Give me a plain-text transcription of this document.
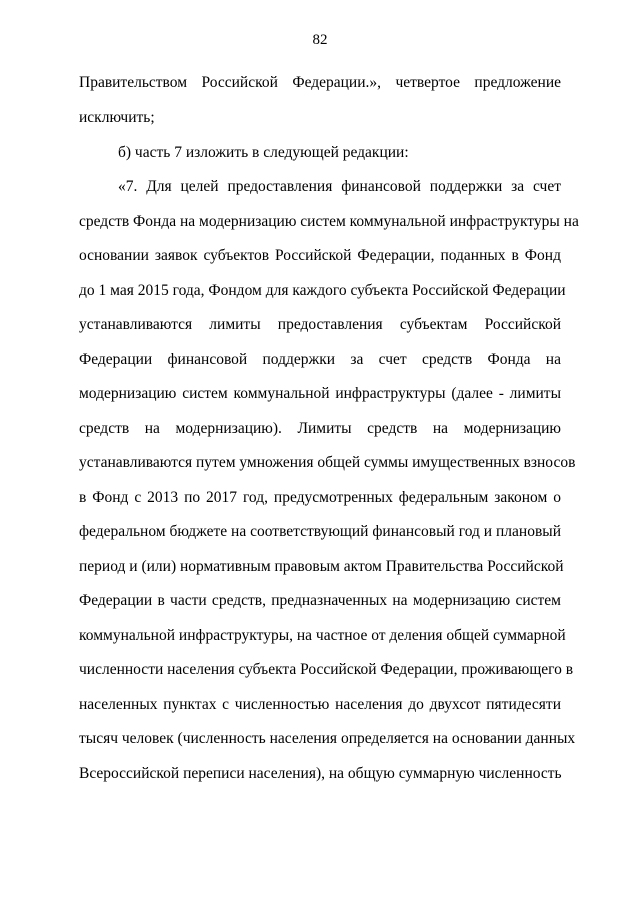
82
Правительством Российской Федерации.», четвертое предложение
исключить;
б) часть 7 изложить в следующей редакции:
«7. Для целей предоставления финансовой поддержки за счет
средств Фонда на модернизацию систем коммунальной инфраструктуры на
основании заявок субъектов Российской Федерации, поданных в Фонд
до 1 мая 2015 года, Фондом для каждого субъекта Российской Федерации
устанавливаются лимиты предоставления субъектам Российской
Федерации финансовой поддержки за счет средств Фонда на
модернизацию систем коммунальной инфраструктуры (далее - лимиты
средств на модернизацию). Лимиты средств на модернизацию
устанавливаются путем умножения общей суммы имущественных взносов
в Фонд с 2013 по 2017 год, предусмотренных федеральным законом о
федеральном бюджете на соответствующий финансовый год и плановый
период и (или) нормативным правовым актом Правительства Российской
Федерации в части средств, предназначенных на модернизацию систем
коммунальной инфраструктуры, на частное от деления общей суммарной
численности населения субъекта Российской Федерации, проживающего в
населенных пунктах с численностью населения до двухсот пятидесяти
тысяч человек (численность населения определяется на основании данных
Всероссийской переписи населения), на общую суммарную численность
